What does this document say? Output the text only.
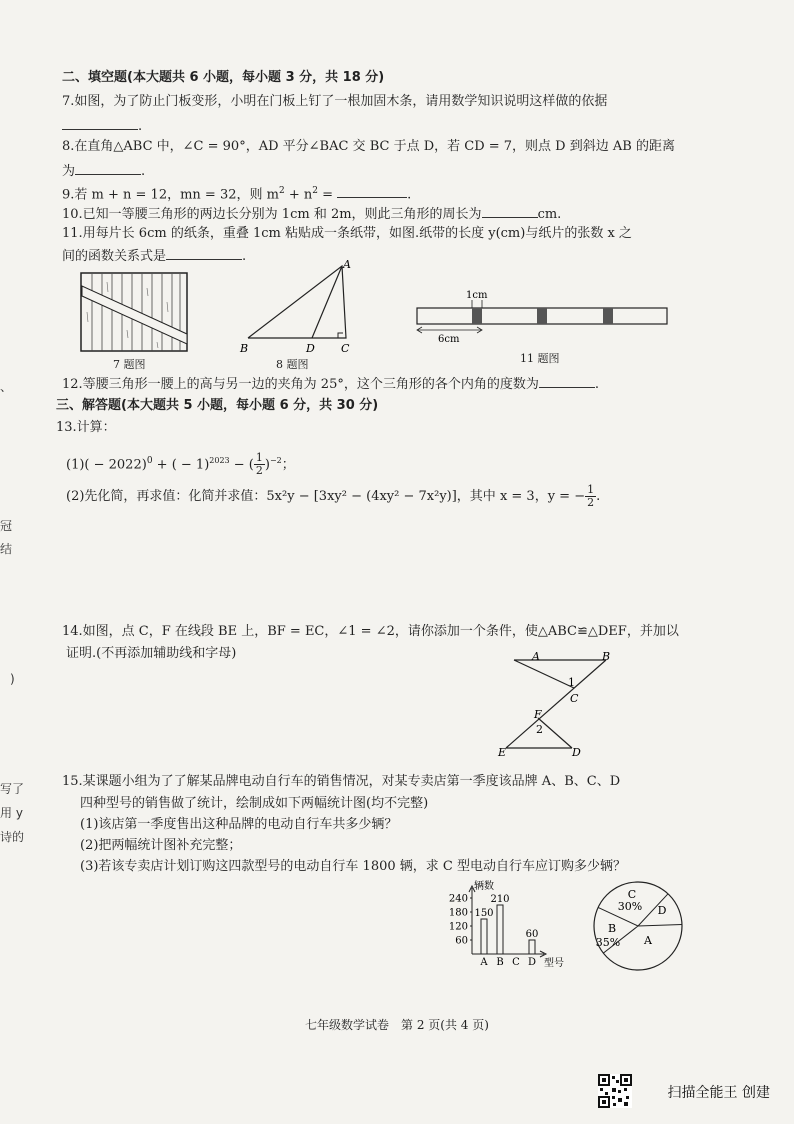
、
冠
结
)
写了
用 y
诗的
二、填空题(本大题共 6 小题，每小题 3 分，共 18 分)
7.如图，为了防止门板变形，小明在门板上钉了一根加固木条，请用数学知识说明这样做的依据
.
8.在直角△ABC 中，∠C = 90°，AD 平分∠BAC 交 BC 于点 D，若 CD = 7，则点 D 到斜边 AB 的距离
为	.
9.若 m + n = 12，mn = 32，则 $m^2 + n^2$ =	.
10.已知一等腰三角形的两边长分别为 1cm 和 2m，则此三角形的周长为	cm.
11.用每片长 6cm 的纸条，重叠 1cm 粘贴成一条纸带，如图.纸带的长度 y(cm)与纸片的张数 x 之
间的函数关系式是	.
7 题图
A
B	D C
8 题图
1cm
6cm
11 题图
12.等腰三角形一腰上的高与另一边的夹角为 25°，这个三角形的各个内角的度数为	.
三、解答题(本大题共 5 小题，每小题 6 分，共 30 分)
13.计算：
$(1)( - 2022)^0$ + ( − 1)$^{2023}$ − ( $\frac{1}{2} )^{-2}$；
(2)先化简，再求值：化简并求值：5x²y − [3xy² − (4xy² − 7x²y)]，其中 x = 3，y = − $\frac{1}{2}$ .
14.如图，点 C，F 在线段 BE 上，BF = EC，∠1 = ∠2，请你添加一个条件，使△ABC≌△DEF，并加以
证明.(不再添加辅助线和字母)	A	B
1
C
F
2
E	D
15.某课题小组为了了解某品牌电动自行车的销售情况，对某专卖店第一季度该品牌 A、B、C、D
四种型号的销售做了统计，绘制成如下两幅统计图(均不完整)
(1)该店第一季度售出这种品牌的电动自行车共多少辆？
(2)把两幅统计图补充完整；
(3)若该专卖店计划订购这四款型号的电动自行车 1800 辆，求 C 型电动自行车应订购多少辆？
辆数
型号
60
120
180
240
150
A
210
B C
60
D
C
30% D
A
B
35%
七年级数学试卷　第 2 页(共 4 页)
扫描全能王 创建
